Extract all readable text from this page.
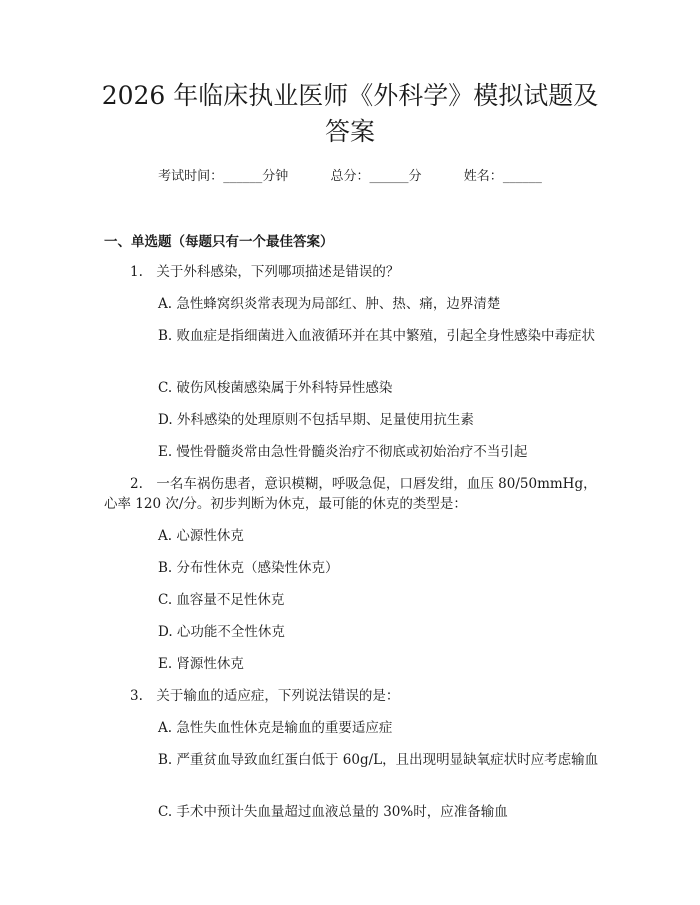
2026 年临床执业医师《外科学》模拟试题及
答案
考试时间：______分钟	总分：______分	姓名：______
一、单选题（每题只有一个最佳答案）
1.　关于外科感染，下列哪项描述是错误的？
A. 急性蜂窝织炎常表现为局部红、肿、热、痛，边界清楚
B. 败血症是指细菌进入血液循环并在其中繁殖，引起全身性感染中毒症状
C. 破伤风梭菌感染属于外科特异性感染
D. 外科感染的处理原则不包括早期、足量使用抗生素
E. 慢性骨髓炎常由急性骨髓炎治疗不彻底或初始治疗不当引起
2.　一名车祸伤患者，意识模糊，呼吸急促，口唇发绀，血压 80/50mmHg，心率 120 次/分。初步判断为休克，最可能的休克的类型是：
A. 心源性休克
B. 分布性休克（感染性休克）
C. 血容量不足性休克
D. 心功能不全性休克
E. 肾源性休克
3.　关于输血的适应症，下列说法错误的是：
A. 急性失血性休克是输血的重要适应症
B. 严重贫血导致血红蛋白低于 60g/L，且出现明显缺氧症状时应考虑输血
C. 手术中预计失血量超过血液总量的 30%时，应准备输血
